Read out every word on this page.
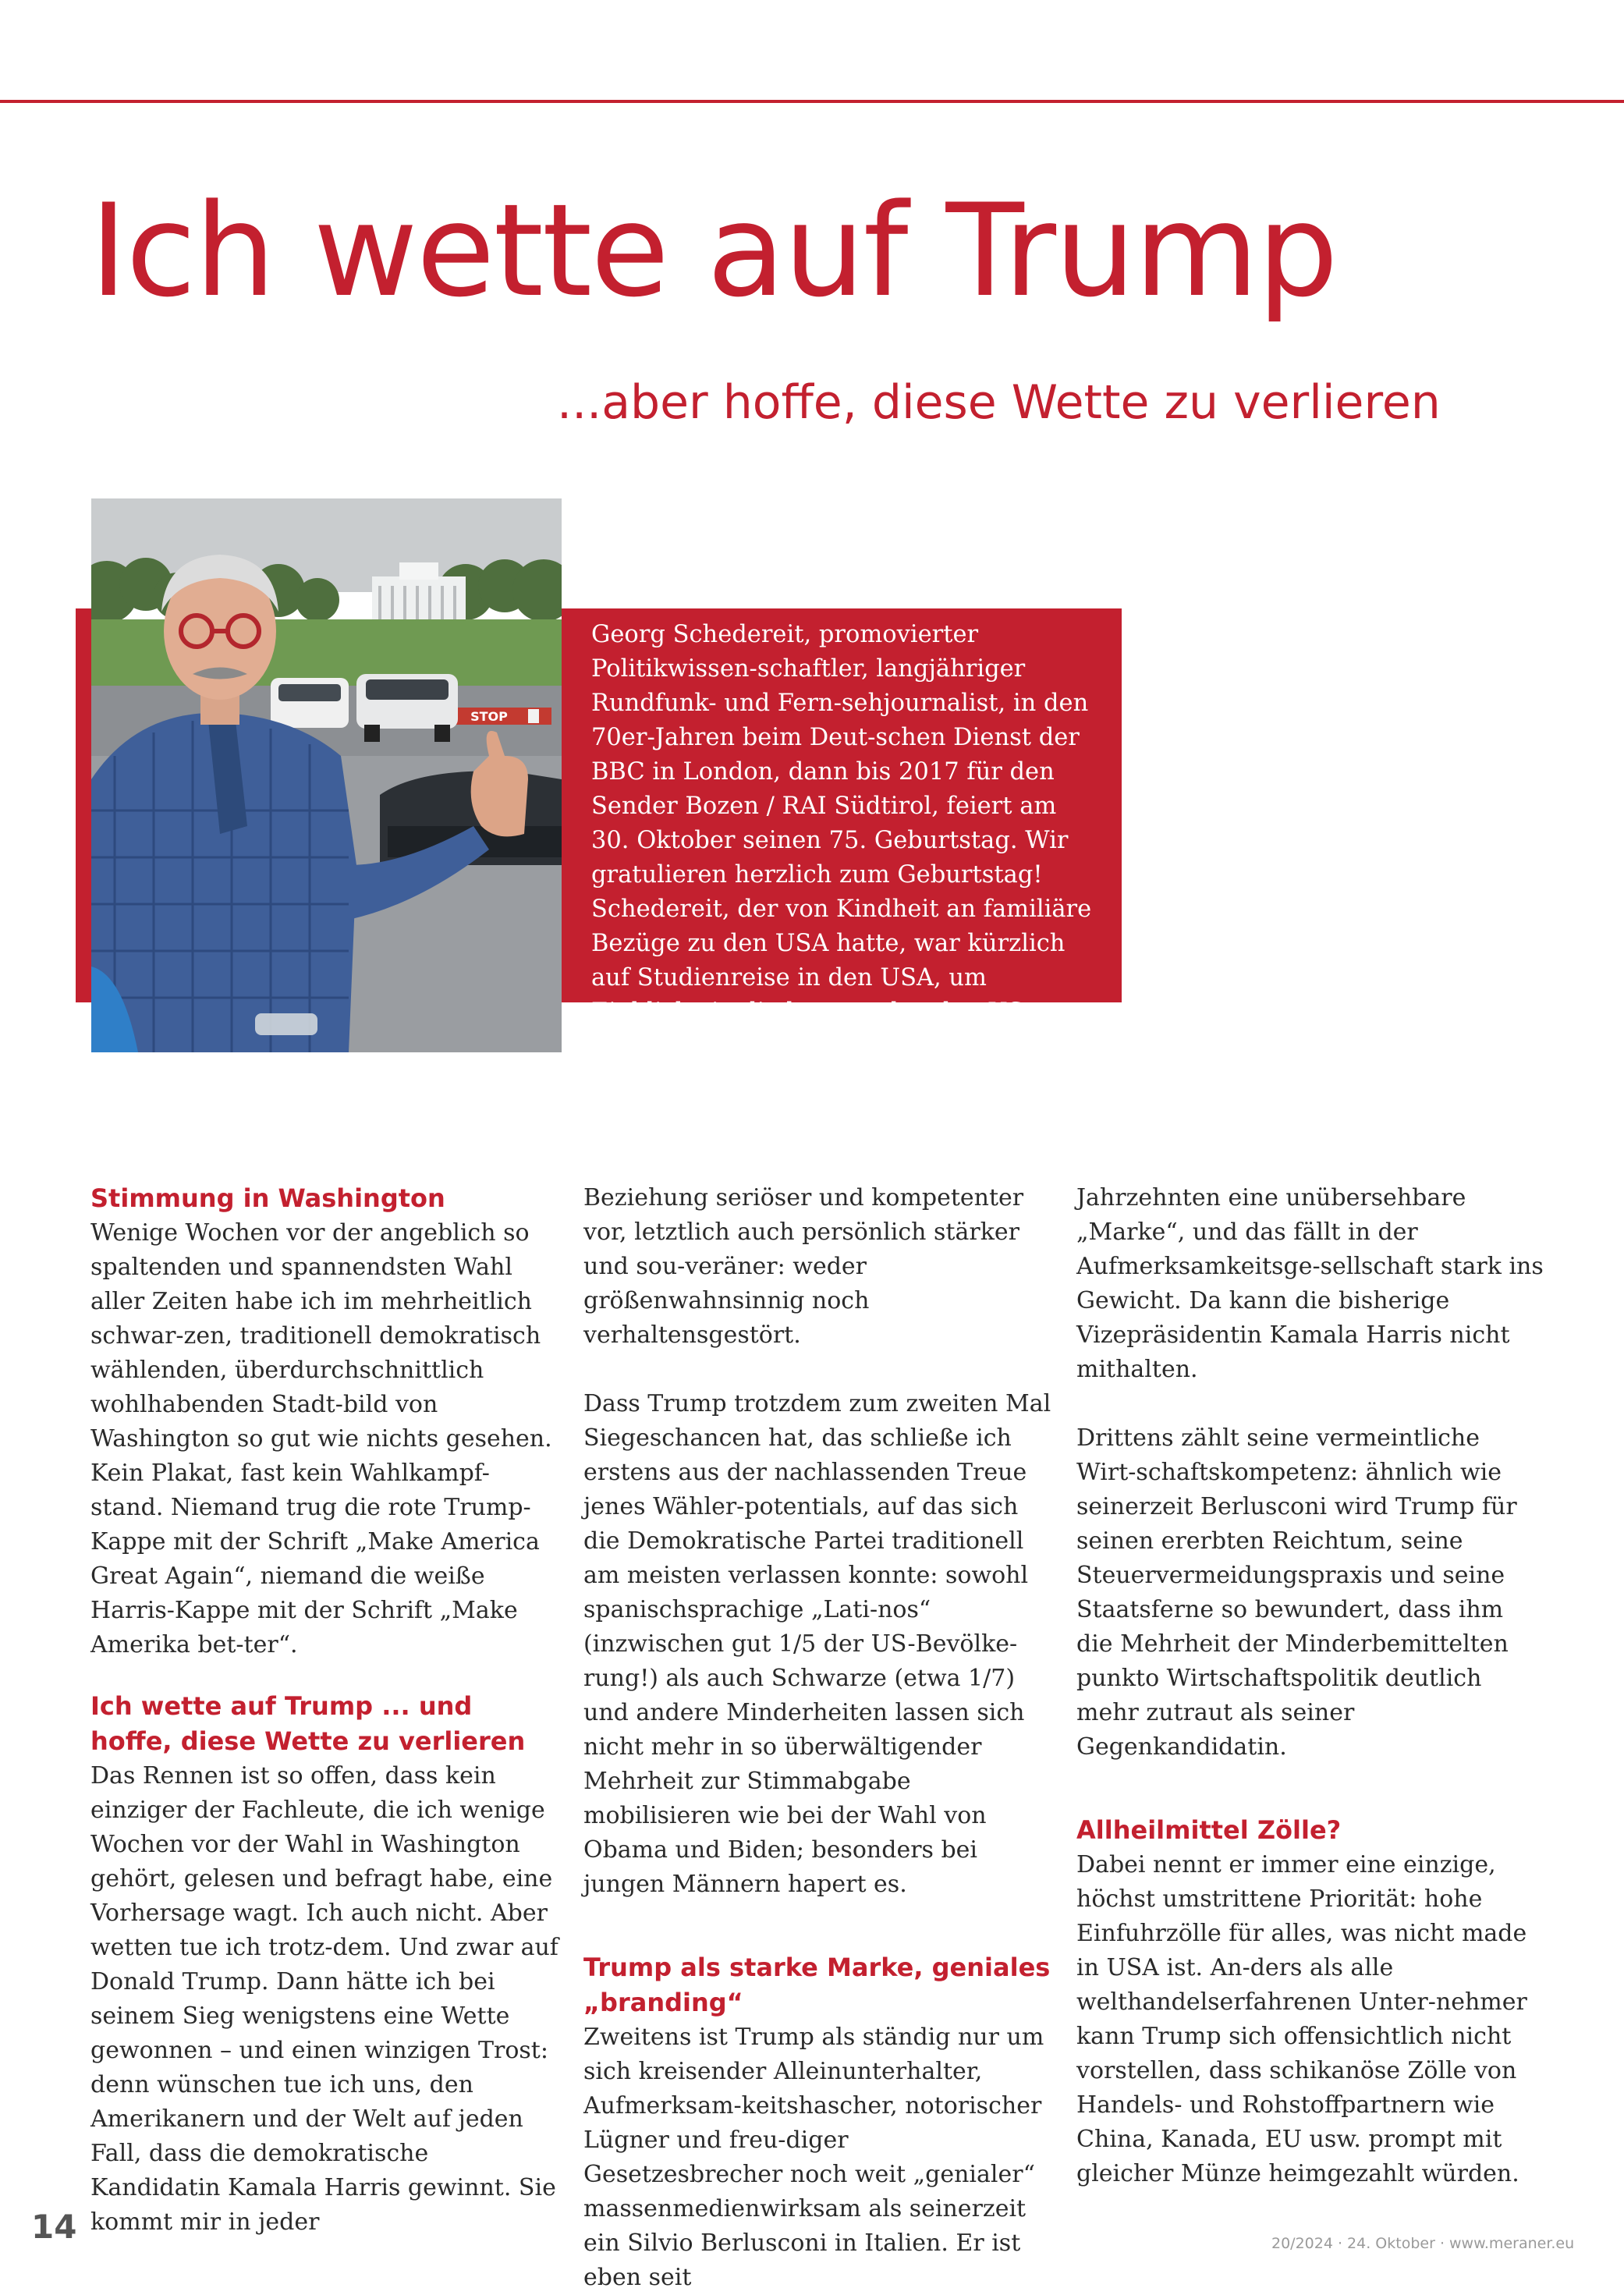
Ich wette auf Trump
...aber hoffe, diese Wette zu verlieren
STOP

Georg Schedereit, promovierter Politikwissen-schaftler, langjähriger Rundfunk- und Fern-sehjournalist, in den 70er-Jahren beim Deut-schen Dienst der BBC in London, dann bis 2017 für den Sender Bozen / RAI Südtirol, feiert am 30. Oktober seinen 75. Geburtstag. Wir gratulieren herzlich zum Geburtstag! Schedereit, der von Kindheit an familiäre Bezüge zu den USA hatte, war kürzlich auf Studienreise in den USA, um Einblicke in die bevorstehenden US-Wahlen zu erhalten.

Stimmung in Washington

Wenige Wochen vor der angeblich so spaltenden und spannendsten Wahl aller Zeiten habe ich im mehrheitlich schwar-zen, traditionell demokratisch wählenden, überdurchschnittlich wohlhabenden Stadt-bild von Washington so gut wie nichts gesehen. Kein Plakat, fast kein Wahlkampf-stand. Niemand trug die rote Trump-Kappe mit der Schrift „Make America Great Again“, niemand die weiße Harris-Kappe mit der Schrift „Make Amerika bet-ter“.

Ich wette auf Trump ... und hoffe, diese Wette zu verlieren

Das Rennen ist so offen, dass kein einziger der Fachleute, die ich wenige Wochen vor der Wahl in Washington gehört, gelesen und befragt habe, eine Vorhersage wagt. Ich auch nicht. Aber wetten tue ich trotz-dem. Und zwar auf Donald Trump. Dann hätte ich bei seinem Sieg wenigstens eine Wette gewonnen – und einen winzigen Trost: denn wünschen tue ich uns, den Amerikanern und der Welt auf jeden Fall, dass die demokratische Kandidatin Kamala Harris gewinnt. Sie kommt mir in jeder

Beziehung seriöser und kompetenter vor, letztlich auch persönlich stärker und sou-veräner: weder größenwahnsinnig noch verhaltensgestört.

Dass Trump trotzdem zum zweiten Mal Siegeschancen hat, das schließe ich erstens aus der nachlassenden Treue jenes Wähler-potentials, auf das sich die Demokratische Partei traditionell am meisten verlassen konnte: sowohl spanischsprachige „Lati-nos“ (inzwischen gut 1/5 der US-Bevölke-rung!) als auch Schwarze (etwa 1/7) und andere Minderheiten lassen sich nicht mehr in so überwältigender Mehrheit zur Stimmabgabe mobilisieren wie bei der Wahl von Obama und Biden; besonders bei jungen Männern hapert es.

Trump als starke Marke, geniales „branding“

Zweitens ist Trump als ständig nur um sich kreisender Alleinunterhalter, Aufmerksam-keitshascher, notorischer Lügner und freu-diger Gesetzesbrecher noch weit „genialer“ massenmedienwirksam als seinerzeit ein Silvio Berlusconi in Italien. Er ist eben seit

Jahrzehnten eine unübersehbare „Marke“, und das fällt in der Aufmerksamkeitsge-sellschaft stark ins Gewicht. Da kann die bisherige Vizepräsidentin Kamala Harris nicht mithalten.

Drittens zählt seine vermeintliche Wirt-schaftskompetenz: ähnlich wie seinerzeit Berlusconi wird Trump für seinen ererbten Reichtum, seine Steuervermeidungspraxis und seine Staatsferne so bewundert, dass ihm die Mehrheit der Minderbemittelten punkto Wirtschaftspolitik deutlich mehr zutraut als seiner Gegenkandidatin.

Allheilmittel Zölle?

Dabei nennt er immer eine einzige, höchst umstrittene Priorität: hohe Einfuhrzölle für alles, was nicht made in USA ist. An-ders als alle welthandelserfahrenen Unter-nehmer kann Trump sich offensichtlich nicht vorstellen, dass schikanöse Zölle von Handels- und Rohstoffpartnern wie China, Kanada, EU usw. prompt mit gleicher Münze heimgezahlt würden.

14	20/2024 · 24. Oktober · www.meraner.eu
